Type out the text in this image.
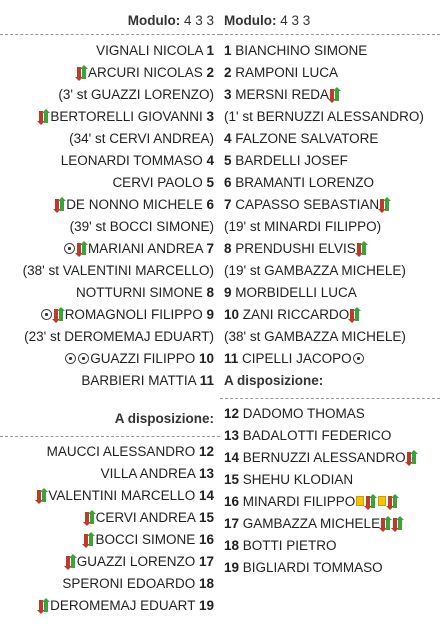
Modulo: 4 3 3
VIGNALI NICOLA 1
ARCURI NICOLAS 2
(3' st GUAZZI LORENZO)
BERTORELLI GIOVANNI 3
(34' st CERVI ANDREA)
LEONARDI TOMMASO 4
CERVI PAOLO 5
DE NONNO MICHELE 6
(39' st BOCCI SIMONE)
MARIANI ANDREA 7
(38' st VALENTINI MARCELLO)
NOTTURNI SIMONE 8
ROMAGNOLI FILIPPO 9
(23' st DEROMEMAJ EDUART)
GUAZZI FILIPPO 10
BARBIERI MATTIA 11
A disposizione:
MAUCCI ALESSANDRO 12
VILLA ANDREA 13
VALENTINI MARCELLO 14
CERVI ANDREA 15
BOCCI SIMONE 16
GUAZZI LORENZO 17
SPERONI EDOARDO 18
DEROMEMAJ EDUART 19
Modulo: 4 3 3
1 BIANCHINO SIMONE
2 RAMPONI LUCA
3 MERSNI REDA
(1' st BERNUZZI ALESSANDRO)
4 FALZONE SALVATORE
5 BARDELLI JOSEF
6 BRAMANTI LORENZO
7 CAPASSO SEBASTIAN
(19' st MINARDI FILIPPO)
8 PRENDUSHI ELVIS
(19' st GAMBAZZA MICHELE)
9 MORBIDELLI LUCA
10 ZANI RICCARDO
(38' st GAMBAZZA MICHELE)
11 CIPELLI JACOPO
A disposizione:
12 DADOMO THOMAS
13 BADALOTTI FEDERICO
14 BERNUZZI ALESSANDRO
15 SHEHU KLODIAN
16 MINARDI FILIPPO
17 GAMBAZZA MICHELE
18 BOTTI PIETRO
19 BIGLIARDI TOMMASO
